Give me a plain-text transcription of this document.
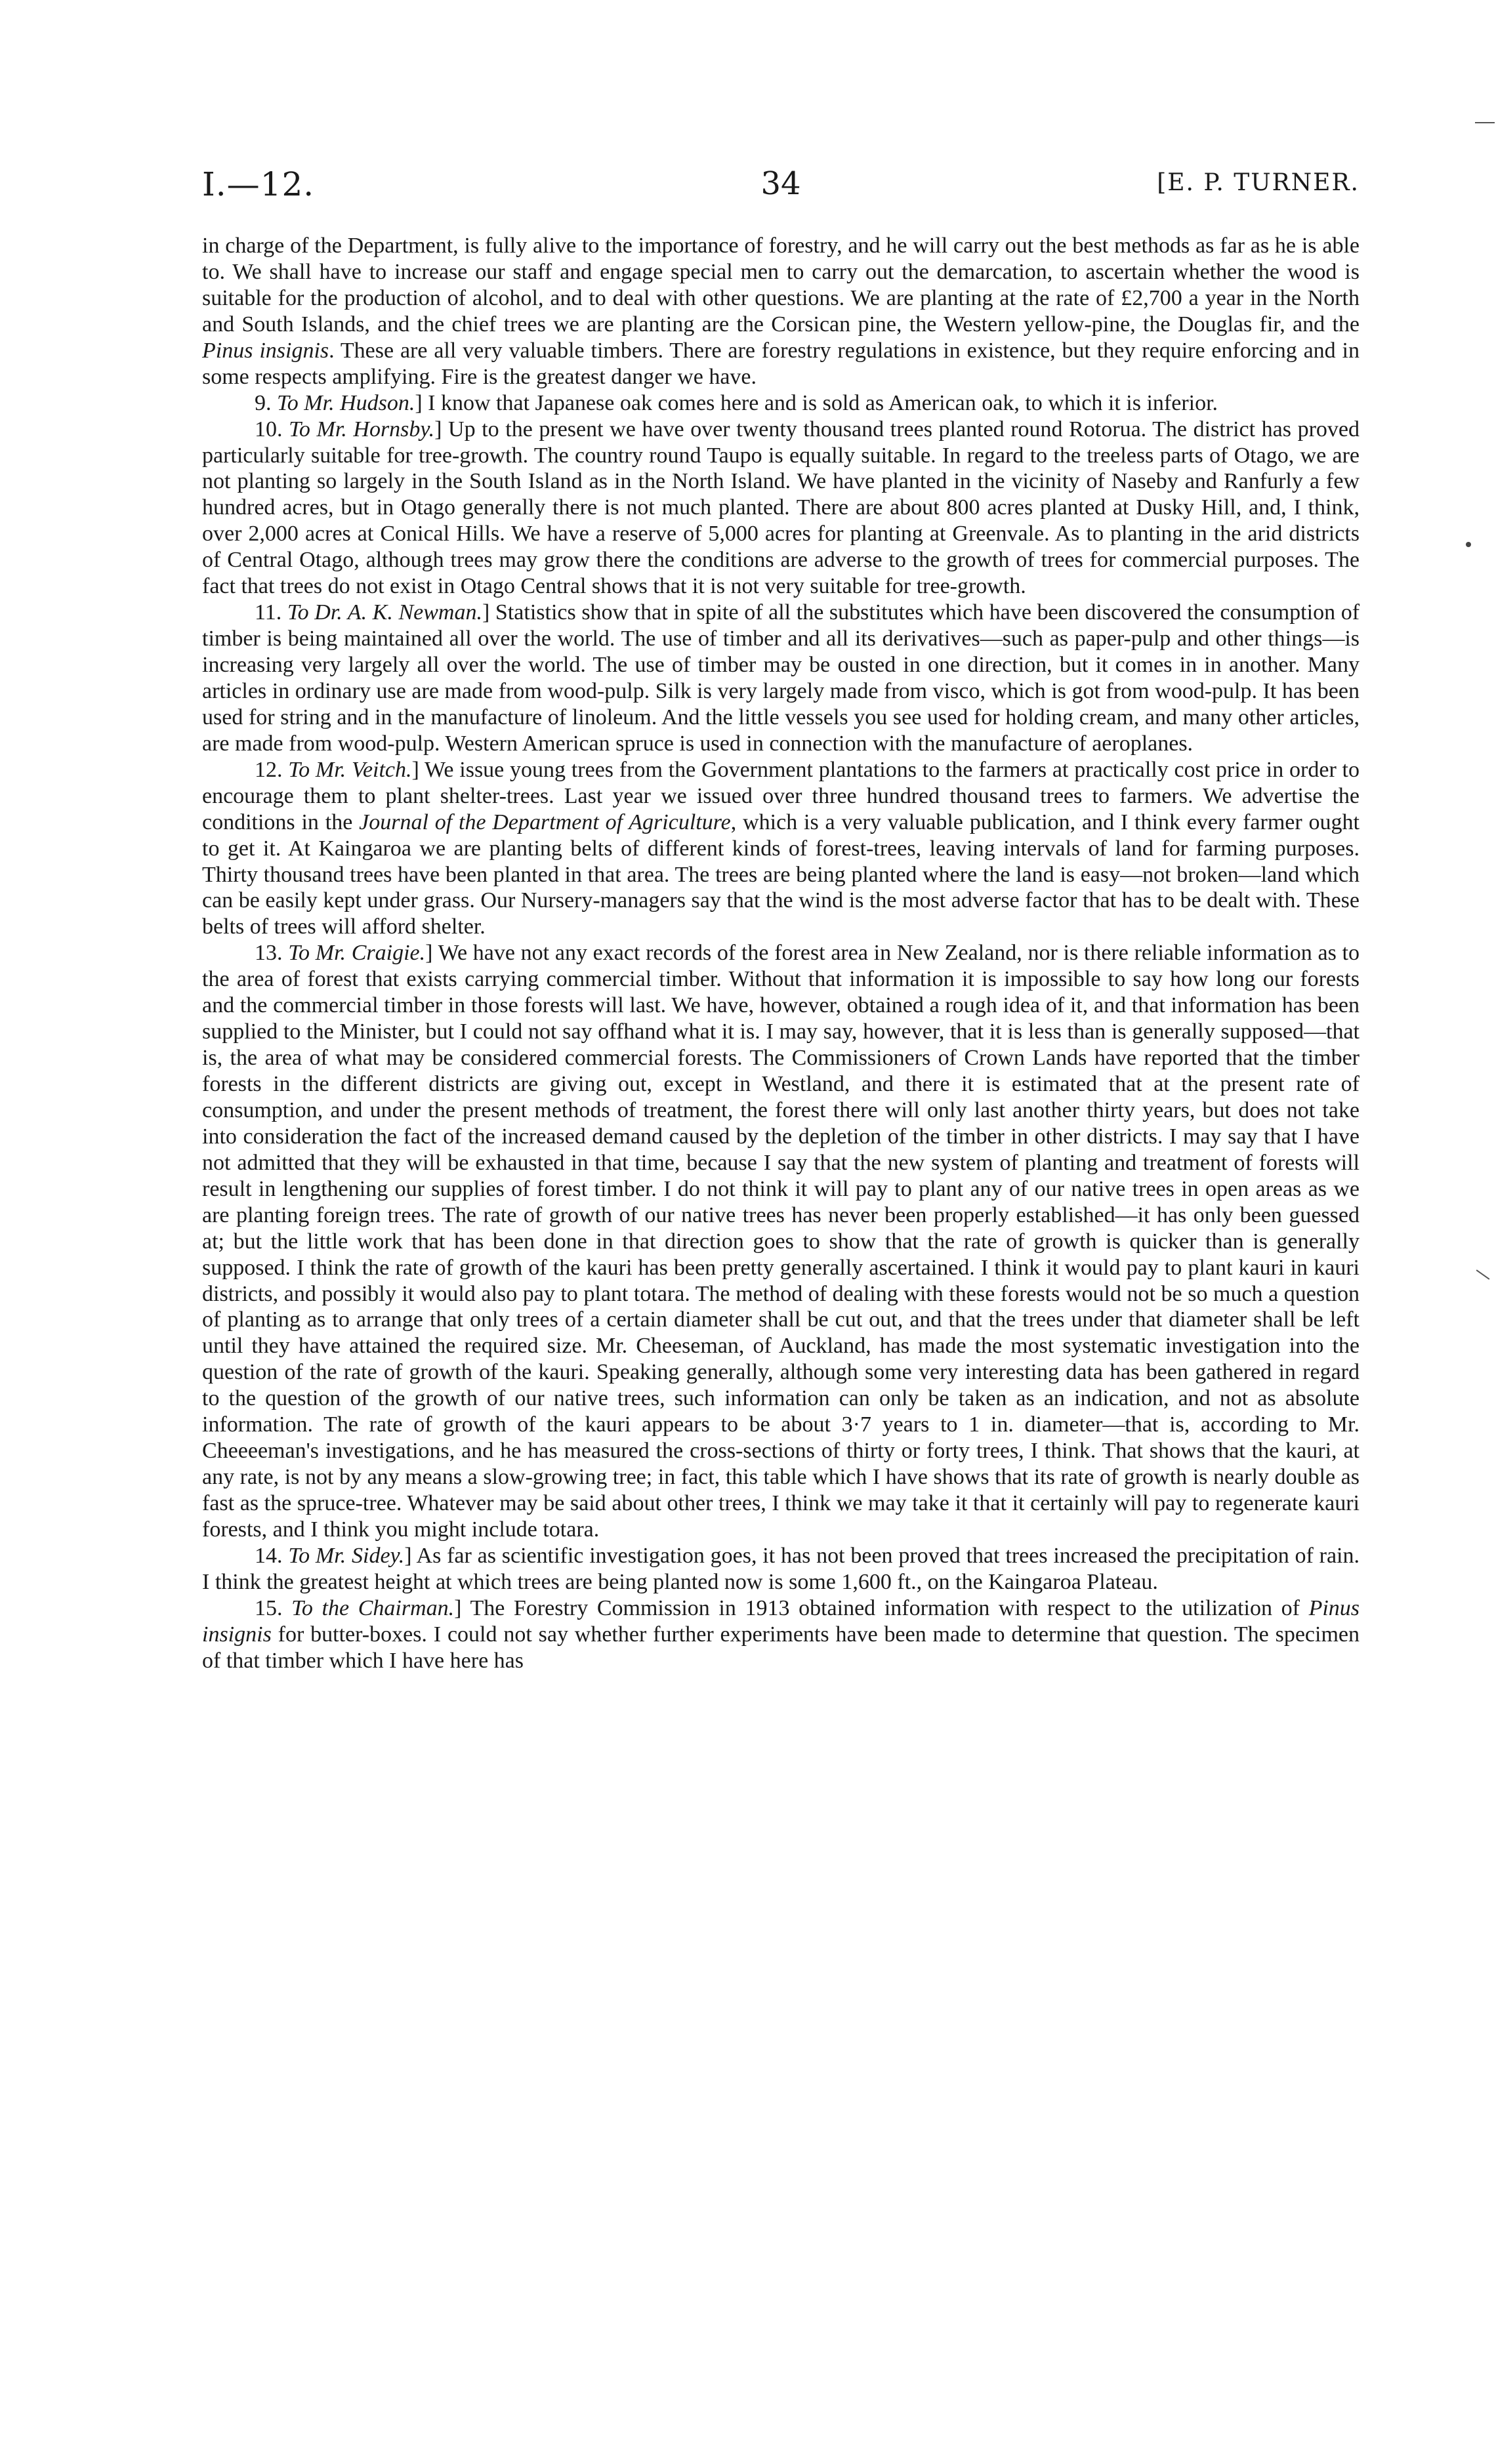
I.—12.	34	[E. P. TURNER.

in charge of the Department, is fully alive to the importance of forestry, and he will carry out the best methods as far as he is able to. We shall have to increase our staff and engage special men to carry out the demarcation, to ascertain whether the wood is suitable for the production of alcohol, and to deal with other questions. We are planting at the rate of £2,700 a year in the North and South Islands, and the chief trees we are planting are the Corsican pine, the Western yellow-pine, the Douglas fir, and the Pinus insignis. These are all very valuable timbers. There are forestry regulations in existence, but they require enforcing and in some respects amplifying. Fire is the greatest danger we have.

9. To Mr. Hudson.] I know that Japanese oak comes here and is sold as American oak, to which it is inferior.

10. To Mr. Hornsby.] Up to the present we have over twenty thousand trees planted round Rotorua. The district has proved particularly suitable for tree-growth. The country round Taupo is equally suitable. In regard to the treeless parts of Otago, we are not planting so largely in the South Island as in the North Island. We have planted in the vicinity of Naseby and Ranfurly a few hundred acres, but in Otago generally there is not much planted. There are about 800 acres planted at Dusky Hill, and, I think, over 2,000 acres at Conical Hills. We have a reserve of 5,000 acres for planting at Greenvale. As to planting in the arid districts of Central Otago, although trees may grow there the conditions are adverse to the growth of trees for commercial purposes. The fact that trees do not exist in Otago Central shows that it is not very suitable for tree-growth.

11. To Dr. A. K. Newman.] Statistics show that in spite of all the substitutes which have been discovered the consumption of timber is being maintained all over the world. The use of timber and all its derivatives—such as paper-pulp and other things—is increasing very largely all over the world. The use of timber may be ousted in one direction, but it comes in in another. Many articles in ordinary use are made from wood-pulp. Silk is very largely made from visco, which is got from wood-pulp. It has been used for string and in the manufacture of linoleum. And the little vessels you see used for holding cream, and many other articles, are made from wood-pulp. Western American spruce is used in connection with the manufacture of aeroplanes.

12. To Mr. Veitch.] We issue young trees from the Government plantations to the farmers at practically cost price in order to encourage them to plant shelter-trees. Last year we issued over three hundred thousand trees to farmers. We advertise the conditions in the Journal of the Department of Agriculture, which is a very valuable publication, and I think every farmer ought to get it. At Kaingaroa we are planting belts of different kinds of forest-trees, leaving intervals of land for farming purposes. Thirty thousand trees have been planted in that area. The trees are being planted where the land is easy—not broken—land which can be easily kept under grass. Our Nursery-managers say that the wind is the most adverse factor that has to be dealt with. These belts of trees will afford shelter.

13. To Mr. Craigie.] We have not any exact records of the forest area in New Zealand, nor is there reliable information as to the area of forest that exists carrying commercial timber. Without that information it is impossible to say how long our forests and the commercial timber in those forests will last. We have, however, obtained a rough idea of it, and that information has been supplied to the Minister, but I could not say offhand what it is. I may say, however, that it is less than is generally supposed—that is, the area of what may be considered commercial forests. The Commissioners of Crown Lands have reported that the timber forests in the different districts are giving out, except in Westland, and there it is estimated that at the present rate of consumption, and under the present methods of treatment, the forest there will only last another thirty years, but does not take into consideration the fact of the increased demand caused by the depletion of the timber in other districts. I may say that I have not admitted that they will be exhausted in that time, because I say that the new system of planting and treatment of forests will result in lengthening our supplies of forest timber. I do not think it will pay to plant any of our native trees in open areas as we are planting foreign trees. The rate of growth of our native trees has never been properly established—it has only been guessed at; but the little work that has been done in that direction goes to show that the rate of growth is quicker than is generally supposed. I think the rate of growth of the kauri has been pretty generally ascertained. I think it would pay to plant kauri in kauri districts, and possibly it would also pay to plant totara. The method of dealing with these forests would not be so much a question of planting as to arrange that only trees of a certain diameter shall be cut out, and that the trees under that diameter shall be left until they have attained the required size. Mr. Cheeseman, of Auckland, has made the most systematic investigation into the question of the rate of growth of the kauri. Speaking generally, although some very interesting data has been gathered in regard to the question of the growth of our native trees, such information can only be taken as an indication, and not as absolute information. The rate of growth of the kauri appears to be about 3·7 years to 1 in. diameter—that is, according to Mr. Cheeeeman's investigations, and he has measured the cross-sections of thirty or forty trees, I think. That shows that the kauri, at any rate, is not by any means a slow-growing tree; in fact, this table which I have shows that its rate of growth is nearly double as fast as the spruce-tree. Whatever may be said about other trees, I think we may take it that it certainly will pay to regenerate kauri forests, and I think you might include totara.

14. To Mr. Sidey.] As far as scientific investigation goes, it has not been proved that trees increased the precipitation of rain. I think the greatest height at which trees are being planted now is some 1,600 ft., on the Kaingaroa Plateau.

15. To the Chairman.] The Forestry Commission in 1913 obtained information with respect to the utilization of Pinus insignis for butter-boxes. I could not say whether further experiments have been made to determine that question. The specimen of that timber which I have here has
